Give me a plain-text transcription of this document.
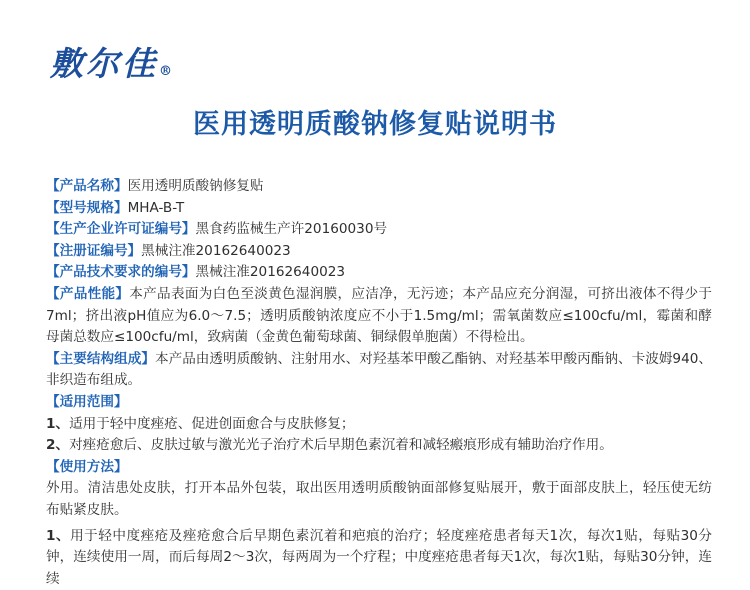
敷尔佳®
医用透明质酸钠修复贴说明书
【产品名称】医用透明质酸钠修复贴
【型号规格】MHA-B-T
【生产企业许可证编号】黑食药监械生产许20160030号
【注册证编号】黑械注准20162640023
【产品技术要求的编号】黑械注准20162640023
【产品性能】本产品表面为白色至淡黄色湿润膜，应洁净，无污迹；本产品应充分润湿，可挤出液体不得少于7ml；挤出液pH值应为6.0～7.5；透明质酸钠浓度应不小于1.5mg/ml；需氧菌数应≤100cfu/ml，霉菌和酵母菌总数应≤100cfu/ml，致病菌（金黄色葡萄球菌、铜绿假单胞菌）不得检出。
【主要结构组成】本产品由透明质酸钠、注射用水、对羟基苯甲酸乙酯钠、对羟基苯甲酸丙酯钠、卡波姆940、非织造布组成。
【适用范围】
1、适用于轻中度痤疮、促进创面愈合与皮肤修复；
2、对痤疮愈后、皮肤过敏与激光光子治疗术后早期色素沉着和减轻瘢痕形成有辅助治疗作用。
【使用方法】
外用。清洁患处皮肤，打开本品外包装，取出医用透明质酸钠面部修复贴展开，敷于面部皮肤上，轻压使无纺布贴紧皮肤。
1、用于轻中度痤疮及痤疮愈合后早期色素沉着和疤痕的治疗；轻度痤疮患者每天1次，每次1贴，每贴30分钟，连续使用一周，而后每周2～3次，每两周为一个疗程；中度痤疮患者每天1次，每次1贴，每贴30分钟，连续
